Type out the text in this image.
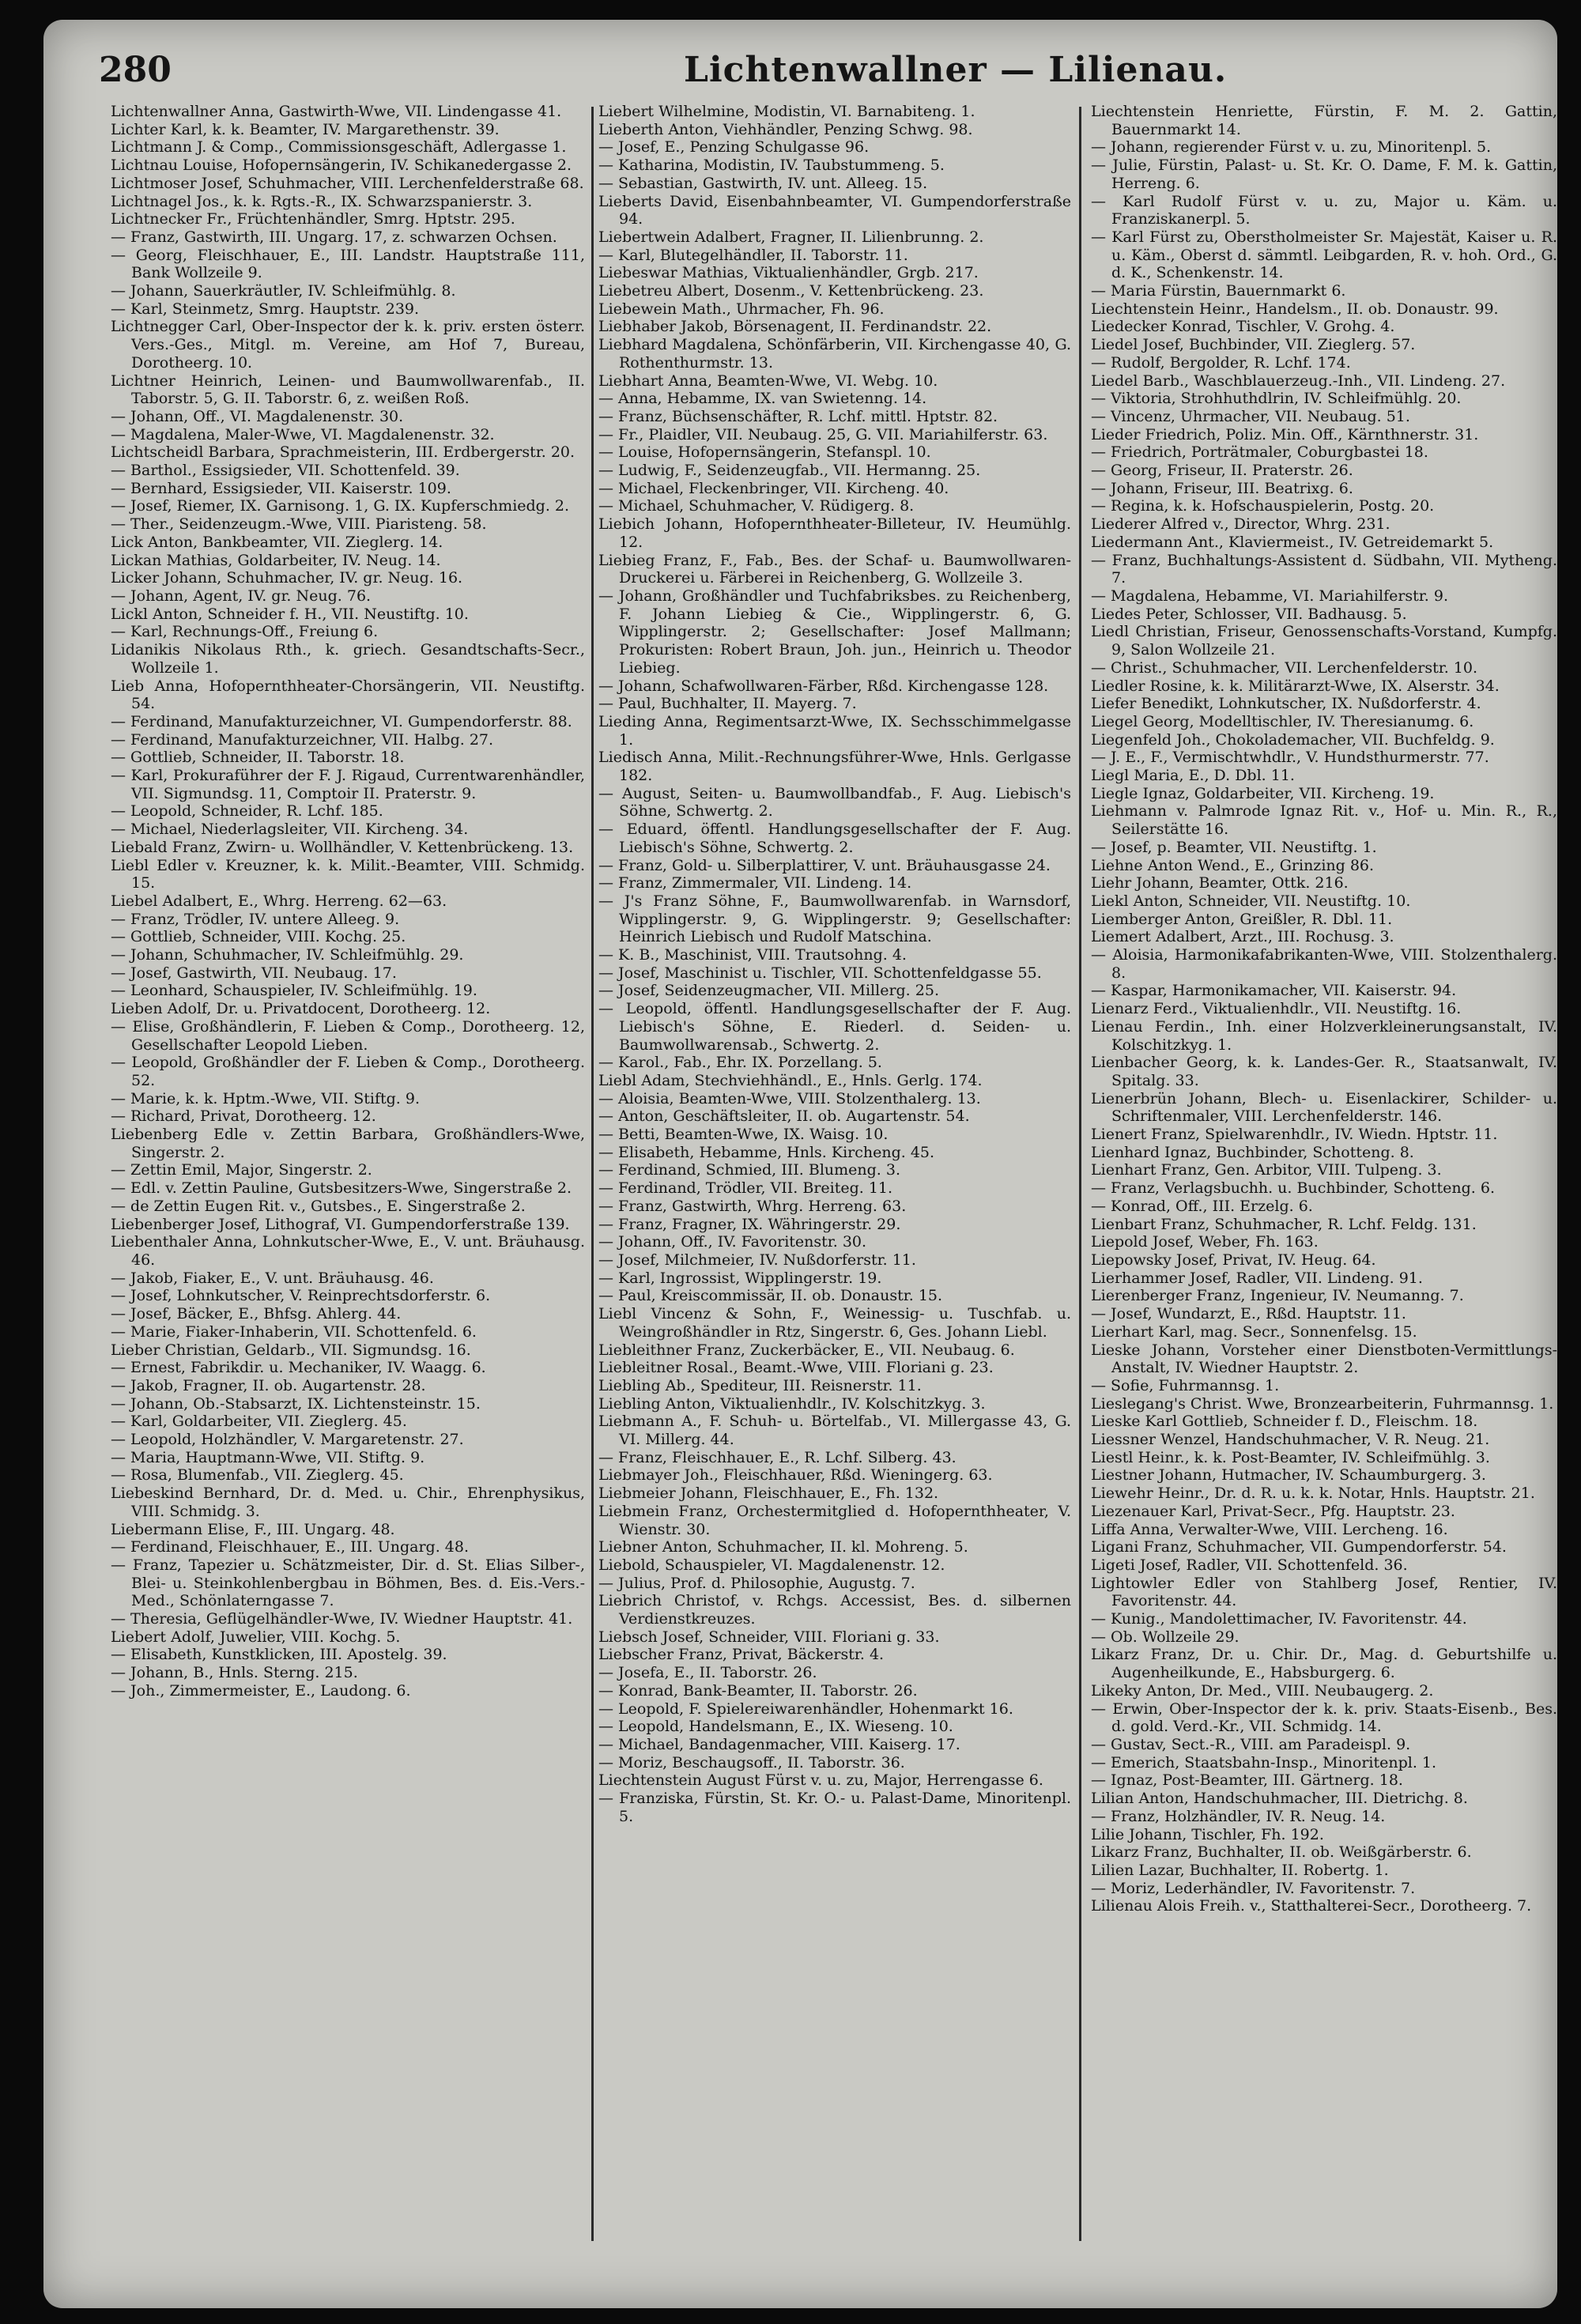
280	Lichtenwallner — Lilienau.
Lichtenwallner Anna, Gastwirth-Wwe, VII. Lindengasse 41.
Lichter Karl, k. k. Beamter, IV. Margarethenstr. 39.
Lichtmann J. & Comp., Commissionsgeschäft, Adlergasse 1.
Lichtnau Louise, Hofopernsängerin, IV. Schikanedergasse 2.
Lichtmoser Josef, Schuhmacher, VIII. Lerchenfelderstraße 68.
Lichtnagel Jos., k. k. Rgts.-R., IX. Schwarzspanierstr. 3.
Lichtnecker Fr., Früchtenhändler, Smrg. Hptstr. 295.
— Franz, Gastwirth, III. Ungarg. 17, z. schwarzen Ochsen.
— Georg, Fleischhauer, E., III. Landstr. Hauptstraße 111, Bank Wollzeile 9.
— Johann, Sauerkräutler, IV. Schleifmühlg. 8.
— Karl, Steinmetz, Smrg. Hauptstr. 239.
Lichtnegger Carl, Ober-Inspector der k. k. priv. ersten österr. Vers.-Ges., Mitgl. m. Vereine, am Hof 7, Bureau, Dorotheerg. 10.
Lichtner Heinrich, Leinen- und Baumwollwarenfab., II. Taborstr. 5, G. II. Taborstr. 6, z. weißen Roß.
— Johann, Off., VI. Magdalenenstr. 30.
— Magdalena, Maler-Wwe, VI. Magdalenenstr. 32.
Lichtscheidl Barbara, Sprachmeisterin, III. Erdbergerstr. 20.
— Barthol., Essigsieder, VII. Schottenfeld. 39.
— Bernhard, Essigsieder, VII. Kaiserstr. 109.
— Josef, Riemer, IX. Garnisong. 1, G. IX. Kupferschmiedg. 2.
— Ther., Seidenzeugm.-Wwe, VIII. Piaristeng. 58.
Lick Anton, Bankbeamter, VII. Zieglerg. 14.
Lickan Mathias, Goldarbeiter, IV. Neug. 14.
Licker Johann, Schuhmacher, IV. gr. Neug. 16.
— Johann, Agent, IV. gr. Neug. 76.
Lickl Anton, Schneider f. H., VII. Neustiftg. 10.
— Karl, Rechnungs-Off., Freiung 6.
Lidanikis Nikolaus Rth., k. griech. Gesandtschafts-Secr., Wollzeile 1.
Lieb Anna, Hofopernthheater-Chorsängerin, VII. Neustiftg. 54.
— Ferdinand, Manufakturzeichner, VI. Gumpendorferstr. 88.
— Ferdinand, Manufakturzeichner, VII. Halbg. 27.
— Gottlieb, Schneider, II. Taborstr. 18.
— Karl, Prokuraführer der F. J. Rigaud, Currentwarenhändler, VII. Sigmundsg. 11, Comptoir II. Praterstr. 9.
— Leopold, Schneider, R. Lchf. 185.
— Michael, Niederlagsleiter, VII. Kircheng. 34.
Liebald Franz, Zwirn- u. Wollhändler, V. Kettenbrückeng. 13.
Liebl Edler v. Kreuzner, k. k. Milit.-Beamter, VIII. Schmidg. 15.
Liebel Adalbert, E., Whrg. Herreng. 62—63.
— Franz, Trödler, IV. untere Alleeg. 9.
— Gottlieb, Schneider, VIII. Kochg. 25.
— Johann, Schuhmacher, IV. Schleifmühlg. 29.
— Josef, Gastwirth, VII. Neubaug. 17.
— Leonhard, Schauspieler, IV. Schleifmühlg. 19.
Lieben Adolf, Dr. u. Privatdocent, Dorotheerg. 12.
— Elise, Großhändlerin, F. Lieben & Comp., Dorotheerg. 12, Gesellschafter Leopold Lieben.
— Leopold, Großhändler der F. Lieben & Comp., Dorotheerg. 52.
— Marie, k. k. Hptm.-Wwe, VII. Stiftg. 9.
— Richard, Privat, Dorotheerg. 12.
Liebenberg Edle v. Zettin Barbara, Großhändlers-Wwe, Singerstr. 2.
— Zettin Emil, Major, Singerstr. 2.
— Edl. v. Zettin Pauline, Gutsbesitzers-Wwe, Singerstraße 2.
— de Zettin Eugen Rit. v., Gutsbes., E. Singerstraße 2.
Liebenberger Josef, Lithograf, VI. Gumpendorferstraße 139.
Liebenthaler Anna, Lohnkutscher-Wwe, E., V. unt. Bräuhausg. 46.
— Jakob, Fiaker, E., V. unt. Bräuhausg. 46.
— Josef, Lohnkutscher, V. Reinprechtsdorferstr. 6.
— Josef, Bäcker, E., Bhfsg. Ahlerg. 44.
— Marie, Fiaker-Inhaberin, VII. Schottenfeld. 6.
Lieber Christian, Geldarb., VII. Sigmundsg. 16.
— Ernest, Fabrikdir. u. Mechaniker, IV. Waagg. 6.
— Jakob, Fragner, II. ob. Augartenstr. 28.
— Johann, Ob.-Stabsarzt, IX. Lichtensteinstr. 15.
— Karl, Goldarbeiter, VII. Zieglerg. 45.
— Leopold, Holzhändler, V. Margaretenstr. 27.
— Maria, Hauptmann-Wwe, VII. Stiftg. 9.
— Rosa, Blumenfab., VII. Zieglerg. 45.
Liebeskind Bernhard, Dr. d. Med. u. Chir., Ehrenphysikus, VIII. Schmidg. 3.
Liebermann Elise, F., III. Ungarg. 48.
— Ferdinand, Fleischhauer, E., III. Ungarg. 48.
— Franz, Tapezier u. Schätzmeister, Dir. d. St. Elias Silber-, Blei- u. Steinkohlenbergbau in Böhmen, Bes. d. Eis.-Vers.-Med., Schönlaterngasse 7.
— Theresia, Geflügelhändler-Wwe, IV. Wiedner Hauptstr. 41.
Liebert Adolf, Juwelier, VIII. Kochg. 5.
— Elisabeth, Kunstklicken, III. Apostelg. 39.
— Johann, B., Hnls. Sterng. 215.
— Joh., Zimmermeister, E., Laudong. 6.
Liebert Wilhelmine, Modistin, VI. Barnabiteng. 1.
Lieberth Anton, Viehhändler, Penzing Schwg. 98.
— Josef, E., Penzing Schulgasse 96.
— Katharina, Modistin, IV. Taubstummeng. 5.
— Sebastian, Gastwirth, IV. unt. Alleeg. 15.
Lieberts David, Eisenbahnbeamter, VI. Gumpendorferstraße 94.
Liebertwein Adalbert, Fragner, II. Lilienbrunng. 2.
— Karl, Blutegelhändler, II. Taborstr. 11.
Liebeswar Mathias, Viktualienhändler, Grgb. 217.
Liebetreu Albert, Dosenm., V. Kettenbrückeng. 23.
Liebewein Math., Uhrmacher, Fh. 96.
Liebhaber Jakob, Börsenagent, II. Ferdinandstr. 22.
Liebhard Magdalena, Schönfärberin, VII. Kirchengasse 40, G. Rothenthurmstr. 13.
Liebhart Anna, Beamten-Wwe, VI. Webg. 10.
— Anna, Hebamme, IX. van Swietenng. 14.
— Franz, Büchsenschäfter, R. Lchf. mittl. Hptstr. 82.
— Fr., Plaidler, VII. Neubaug. 25, G. VII. Mariahilferstr. 63.
— Louise, Hofopernsängerin, Stefanspl. 10.
— Ludwig, F., Seidenzeugfab., VII. Hermanng. 25.
— Michael, Fleckenbringer, VII. Kircheng. 40.
— Michael, Schuhmacher, V. Rüdigerg. 8.
Liebich Johann, Hofopernthheater-Billeteur, IV. Heumühlg. 12.
Liebieg Franz, F., Fab., Bes. der Schaf- u. Baumwollwaren-Druckerei u. Färberei in Reichenberg, G. Wollzeile 3.
— Johann, Großhändler und Tuchfabriksbes. zu Reichenberg, F. Johann Liebieg & Cie., Wipplingerstr. 6, G. Wipplingerstr. 2; Gesellschafter: Josef Mallmann; Prokuristen: Robert Braun, Joh. jun., Heinrich u. Theodor Liebieg.
— Johann, Schafwollwaren-Färber, Rßd. Kirchengasse 128.
— Paul, Buchhalter, II. Mayerg. 7.
Lieding Anna, Regimentsarzt-Wwe, IX. Sechsschimmelgasse 1.
Liedisch Anna, Milit.-Rechnungsführer-Wwe, Hnls. Gerlgasse 182.
— August, Seiten- u. Baumwollbandfab., F. Aug. Liebisch's Söhne, Schwertg. 2.
— Eduard, öffentl. Handlungsgesellschafter der F. Aug. Liebisch's Söhne, Schwertg. 2.
— Franz, Gold- u. Silberplattirer, V. unt. Bräuhausgasse 24.
— Franz, Zimmermaler, VII. Lindeng. 14.
— J's Franz Söhne, F., Baumwollwarenfab. in Warnsdorf, Wipplingerstr. 9, G. Wipplingerstr. 9; Gesellschafter: Heinrich Liebisch und Rudolf Matschina.
— K. B., Maschinist, VIII. Trautsohng. 4.
— Josef, Maschinist u. Tischler, VII. Schottenfeldgasse 55.
— Josef, Seidenzeugmacher, VII. Millerg. 25.
— Leopold, öffentl. Handlungsgesellschafter der F. Aug. Liebisch's Söhne, E. Riederl. d. Seiden- u. Baumwollwarensab., Schwertg. 2.
— Karol., Fab., Ehr. IX. Porzellang. 5.
Liebl Adam, Stechviehhändl., E., Hnls. Gerlg. 174.
— Aloisia, Beamten-Wwe, VIII. Stolzenthalerg. 13.
— Anton, Geschäftsleiter, II. ob. Augartenstr. 54.
— Betti, Beamten-Wwe, IX. Waisg. 10.
— Elisabeth, Hebamme, Hnls. Kircheng. 45.
— Ferdinand, Schmied, III. Blumeng. 3.
— Ferdinand, Trödler, VII. Breiteg. 11.
— Franz, Gastwirth, Whrg. Herreng. 63.
— Franz, Fragner, IX. Währingerstr. 29.
— Johann, Off., IV. Favoritenstr. 30.
— Josef, Milchmeier, IV. Nußdorferstr. 11.
— Karl, Ingrossist, Wipplingerstr. 19.
— Paul, Kreiscommissär, II. ob. Donaustr. 15.
Liebl Vincenz & Sohn, F., Weinessig- u. Tuschfab. u. Weingroßhändler in Rtz, Singerstr. 6, Ges. Johann Liebl.
Liebleithner Franz, Zuckerbäcker, E., VII. Neubaug. 6.
Liebleitner Rosal., Beamt.-Wwe, VIII. Floriani g. 23.
Liebling Ab., Spediteur, III. Reisnerstr. 11.
Liebling Anton, Viktualienhdlr., IV. Kolschitzkyg. 3.
Liebmann A., F. Schuh- u. Börtelfab., VI. Millergasse 43, G. VI. Millerg. 44.
— Franz, Fleischhauer, E., R. Lchf. Silberg. 43.
Liebmayer Joh., Fleischhauer, Rßd. Wieningerg. 63.
Liebmeier Johann, Fleischhauer, E., Fh. 132.
Liebmein Franz, Orchestermitglied d. Hofopernthheater, V. Wienstr. 30.
Liebner Anton, Schuhmacher, II. kl. Mohreng. 5.
Liebold, Schauspieler, VI. Magdalenenstr. 12.
— Julius, Prof. d. Philosophie, Augustg. 7.
Liebrich Christof, v. Rchgs. Accessist, Bes. d. silbernen Verdienstkreuzes.
Liebsch Josef, Schneider, VIII. Floriani g. 33.
Liebscher Franz, Privat, Bäckerstr. 4.
— Josefa, E., II. Taborstr. 26.
— Konrad, Bank-Beamter, II. Taborstr. 26.
— Leopold, F. Spielereiwarenhändler, Hohenmarkt 16.
— Leopold, Handelsmann, E., IX. Wieseng. 10.
— Michael, Bandagenmacher, VIII. Kaiserg. 17.
— Moriz, Beschaugsoff., II. Taborstr. 36.
Liechtenstein August Fürst v. u. zu, Major, Herrengasse 6.
— Franziska, Fürstin, St. Kr. O.- u. Palast-Dame, Minoritenpl. 5.
Liechtenstein Henriette, Fürstin, F. M. 2. Gattin, Bauernmarkt 14.
— Johann, regierender Fürst v. u. zu, Minoritenpl. 5.
— Julie, Fürstin, Palast- u. St. Kr. O. Dame, F. M. k. Gattin, Herreng. 6.
— Karl Rudolf Fürst v. u. zu, Major u. Käm. u. Franziskanerpl. 5.
— Karl Fürst zu, Oberstholmeister Sr. Majestät, Kaiser u. R. u. Käm., Oberst d. sämmtl. Leibgarden, R. v. hoh. Ord., G. d. K., Schenkenstr. 14.
— Maria Fürstin, Bauernmarkt 6.
Liechtenstein Heinr., Handelsm., II. ob. Donaustr. 99.
Liedecker Konrad, Tischler, V. Grohg. 4.
Liedel Josef, Buchbinder, VII. Zieglerg. 57.
— Rudolf, Bergolder, R. Lchf. 174.
Liedel Barb., Waschblauerzeug.-Inh., VII. Lindeng. 27.
— Viktoria, Strohhuthdlrin, IV. Schleifmühlg. 20.
— Vincenz, Uhrmacher, VII. Neubaug. 51.
Lieder Friedrich, Poliz. Min. Off., Kärnthnerstr. 31.
— Friedrich, Porträtmaler, Coburgbastei 18.
— Georg, Friseur, II. Praterstr. 26.
— Johann, Friseur, III. Beatrixg. 6.
— Regina, k. k. Hofschauspielerin, Postg. 20.
Liederer Alfred v., Director, Whrg. 231.
Liedermann Ant., Klaviermeist., IV. Getreidemarkt 5.
— Franz, Buchhaltungs-Assistent d. Südbahn, VII. Mytheng. 7.
— Magdalena, Hebamme, VI. Mariahilferstr. 9.
Liedes Peter, Schlosser, VII. Badhausg. 5.
Liedl Christian, Friseur, Genossenschafts-Vorstand, Kumpfg. 9, Salon Wollzeile 21.
— Christ., Schuhmacher, VII. Lerchenfelderstr. 10.
Liedler Rosine, k. k. Militärarzt-Wwe, IX. Alserstr. 34.
Liefer Benedikt, Lohnkutscher, IX. Nußdorferstr. 4.
Liegel Georg, Modelltischler, IV. Theresianumg. 6.
Liegenfeld Joh., Chokolademacher, VII. Buchfeldg. 9.
— J. E., F., Vermischtwhdlr., V. Hundsthurmerstr. 77.
Liegl Maria, E., D. Dbl. 11.
Liegle Ignaz, Goldarbeiter, VII. Kircheng. 19.
Liehmann v. Palmrode Ignaz Rit. v., Hof- u. Min. R., R., Seilerstätte 16.
— Josef, p. Beamter, VII. Neustiftg. 1.
Liehne Anton Wend., E., Grinzing 86.
Liehr Johann, Beamter, Ottk. 216.
Liekl Anton, Schneider, VII. Neustiftg. 10.
Liemberger Anton, Greißler, R. Dbl. 11.
Liemert Adalbert, Arzt., III. Rochusg. 3.
— Aloisia, Harmonikafabrikanten-Wwe, VIII. Stolzenthalerg. 8.
— Kaspar, Harmonikamacher, VII. Kaiserstr. 94.
Lienarz Ferd., Viktualienhdlr., VII. Neustiftg. 16.
Lienau Ferdin., Inh. einer Holzverkleinerungsanstalt, IV. Kolschitzkyg. 1.
Lienbacher Georg, k. k. Landes-Ger. R., Staatsanwalt, IV. Spitalg. 33.
Lienerbrün Johann, Blech- u. Eisenlackirer, Schilder- u. Schriftenmaler, VIII. Lerchenfelderstr. 146.
Lienert Franz, Spielwarenhdlr., IV. Wiedn. Hptstr. 11.
Lienhard Ignaz, Buchbinder, Schotteng. 8.
Lienhart Franz, Gen. Arbitor, VIII. Tulpeng. 3.
— Franz, Verlagsbuchh. u. Buchbinder, Schotteng. 6.
— Konrad, Off., III. Erzelg. 6.
Lienbart Franz, Schuhmacher, R. Lchf. Feldg. 131.
Liepold Josef, Weber, Fh. 163.
Liepowsky Josef, Privat, IV. Heug. 64.
Lierhammer Josef, Radler, VII. Lindeng. 91.
Lierenberger Franz, Ingenieur, IV. Neumanng. 7.
— Josef, Wundarzt, E., Rßd. Hauptstr. 11.
Lierhart Karl, mag. Secr., Sonnenfelsg. 15.
Lieske Johann, Vorsteher einer Dienstboten-Vermittlungs-Anstalt, IV. Wiedner Hauptstr. 2.
— Sofie, Fuhrmannsg. 1.
Lieslegang's Christ. Wwe, Bronzearbeiterin, Fuhrmannsg. 1.
Lieske Karl Gottlieb, Schneider f. D., Fleischm. 18.
Liessner Wenzel, Handschuhmacher, V. R. Neug. 21.
Liestl Heinr., k. k. Post-Beamter, IV. Schleifmühlg. 3.
Liestner Johann, Hutmacher, IV. Schaumburgerg. 3.
Liewehr Heinr., Dr. d. R. u. k. k. Notar, Hnls. Hauptstr. 21.
Liezenauer Karl, Privat-Secr., Pfg. Hauptstr. 23.
Liffa Anna, Verwalter-Wwe, VIII. Lercheng. 16.
Ligani Franz, Schuhmacher, VII. Gumpendorferstr. 54.
Ligeti Josef, Radler, VII. Schottenfeld. 36.
Lightowler Edler von Stahlberg Josef, Rentier, IV. Favoritenstr. 44.
— Kunig., Mandolettimacher, IV. Favoritenstr. 44.
— Ob. Wollzeile 29.
Likarz Franz, Dr. u. Chir. Dr., Mag. d. Geburtshilfe u. Augenheilkunde, E., Habsburgerg. 6.
Likeky Anton, Dr. Med., VIII. Neubaugerg. 2.
— Erwin, Ober-Inspector der k. k. priv. Staats-Eisenb., Bes. d. gold. Verd.-Kr., VII. Schmidg. 14.
— Gustav, Sect.-R., VIII. am Paradeispl. 9.
— Emerich, Staatsbahn-Insp., Minoritenpl. 1.
— Ignaz, Post-Beamter, III. Gärtnerg. 18.
Lilian Anton, Handschuhmacher, III. Dietrichg. 8.
— Franz, Holzhändler, IV. R. Neug. 14.
Lilie Johann, Tischler, Fh. 192.
Likarz Franz, Buchhalter, II. ob. Weißgärberstr. 6.
Lilien Lazar, Buchhalter, II. Robertg. 1.
— Moriz, Lederhändler, IV. Favoritenstr. 7.
Lilienau Alois Freih. v., Statthalterei-Secr., Dorotheerg. 7.
